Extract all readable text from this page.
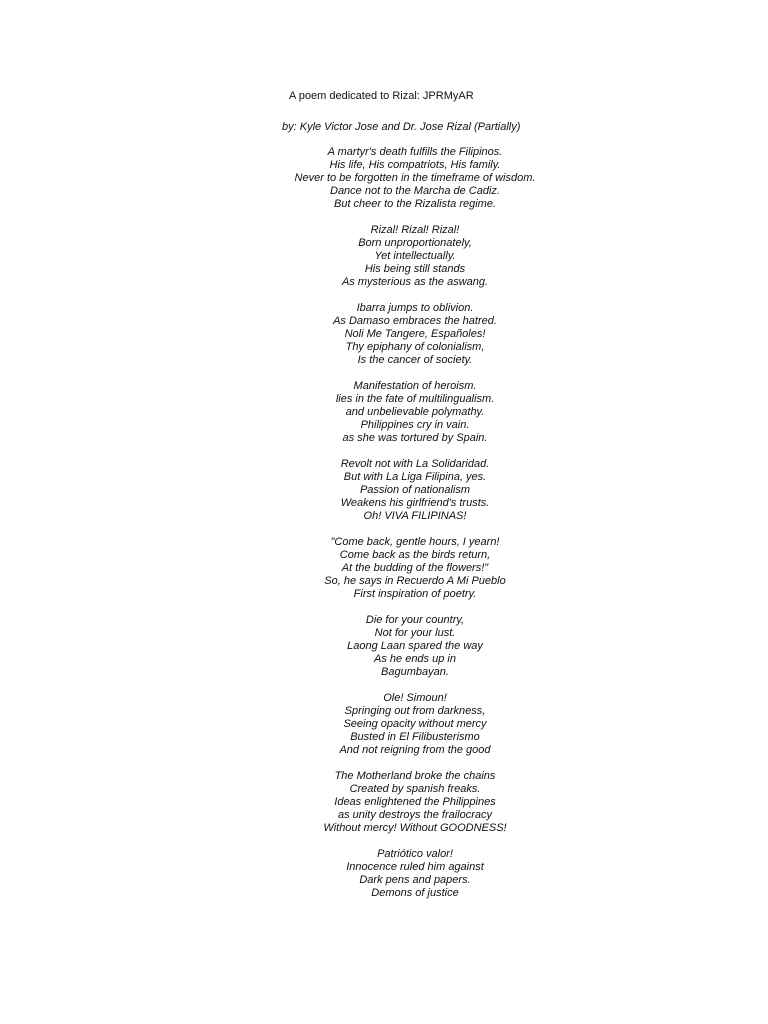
A poem dedicated to Rizal: JPRMyAR
by: Kyle Victor Jose and Dr. Jose Rizal (Partially)
A martyr's death fulfills the Filipinos.
His life, His compatriots, His family.
Never to be forgotten in the timeframe of wisdom.
Dance not to the Marcha de Cadiz.
But cheer to the Rizalista regime.
Rizal! Rizal! Rizal!
Born unproportionately,
Yet intellectually.
His being still stands
As mysterious as the aswang.
Ibarra jumps to oblivion.
As Damaso embraces the hatred.
Noli Me Tangere, Españoles!
Thy epiphany of colonialism,
Is the cancer of society.
Manifestation of heroism.
lies in the fate of multilingualism.
and unbelievable polymathy.
Philippines cry in vain.
as she was tortured by Spain.
Revolt not with La Solidaridad.
But with La Liga Filipina, yes.
Passion of nationalism
Weakens his girlfriend's trusts.
Oh! VIVA FILIPINAS!
"Come back, gentle hours, I yearn!
Come back as the birds return,
At the budding of the flowers!"
So, he says in Recuerdo A Mi Pueblo
First inspiration of poetry.
Die for your country,
Not for your lust.
Laong Laan spared the way
As he ends up in
Bagumbayan.
Ole! Simoun!
Springing out from darkness,
Seeing opacity without mercy
Busted in El Filibusterismo
And not reigning from the good
The Motherland broke the chains
Created by spanish freaks.
Ideas enlightened the Philippines
as unity destroys the frailocracy
Without mercy! Without GOODNESS!
Patriótico valor!
Innocence ruled him against
Dark pens and papers.
Demons of justice
